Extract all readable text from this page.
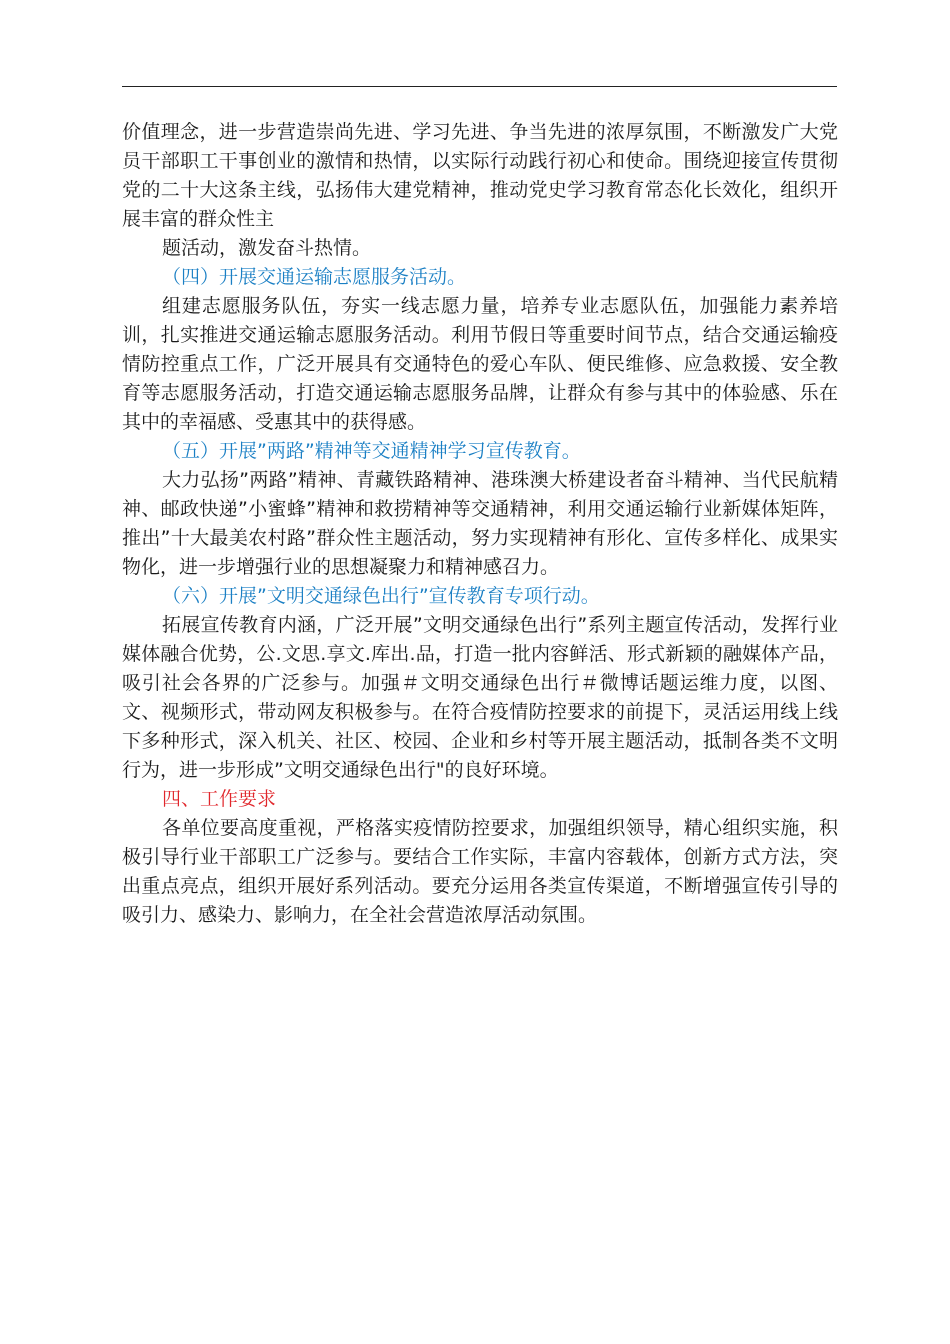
价值理念，进一步营造崇尚先进、学习先进、争当先进的浓厚氛围，不断激发广大党员干部职工干事创业的激情和热情，以实际行动践行初心和使命。围绕迎接宣传贯彻党的二十大这条主线，弘扬伟大建党精神，推动党史学习教育常态化长效化，组织开展丰富的群众性主

题活动，激发奋斗热情。

（四）开展交通运输志愿服务活动。

组建志愿服务队伍，夯实一线志愿力量，培养专业志愿队伍，加强能力素养培训，扎实推进交通运输志愿服务活动。利用节假日等重要时间节点，结合交通运输疫情防控重点工作，广泛开展具有交通特色的爱心车队、便民维修、应急救援、安全教育等志愿服务活动，打造交通运输志愿服务品牌，让群众有参与其中的体验感、乐在其中的幸福感、受惠其中的获得感。

（五）开展”两路”精神等交通精神学习宣传教育。

大力弘扬”两路”精神、青藏铁路精神、港珠澳大桥建设者奋斗精神、当代民航精神、邮政快递”小蜜蜂”精神和救捞精神等交通精神，利用交通运输行业新媒体矩阵，推出”十大最美农村路”群众性主题活动，努力实现精神有形化、宣传多样化、成果实物化，进一步增强行业的思想凝聚力和精神感召力。

（六）开展”文明交通绿色出行”宣传教育专项行动。

拓展宣传教育内涵，广泛开展”文明交通绿色出行”系列主题宣传活动，发挥行业媒体融合优势，公.文思.享文.库出.品，打造一批内容鲜活、形式新颖的融媒体产品，吸引社会各界的广泛参与。加强＃文明交通绿色出行＃微博话题运维力度，以图、文、视频形式，带动网友积极参与。在符合疫情防控要求的前提下，灵活运用线上线下多种形式，深入机关、社区、校园、企业和乡村等开展主题活动，抵制各类不文明行为，进一步形成”文明交通绿色出行"的良好环境。

四、工作要求

各单位要高度重视，严格落实疫情防控要求，加强组织领导，精心组织实施，积极引导行业干部职工广泛参与。要结合工作实际，丰富内容载体，创新方式方法，突出重点亮点，组织开展好系列活动。要充分运用各类宣传渠道，不断增强宣传引导的吸引力、感染力、影响力，在全社会营造浓厚活动氛围。
